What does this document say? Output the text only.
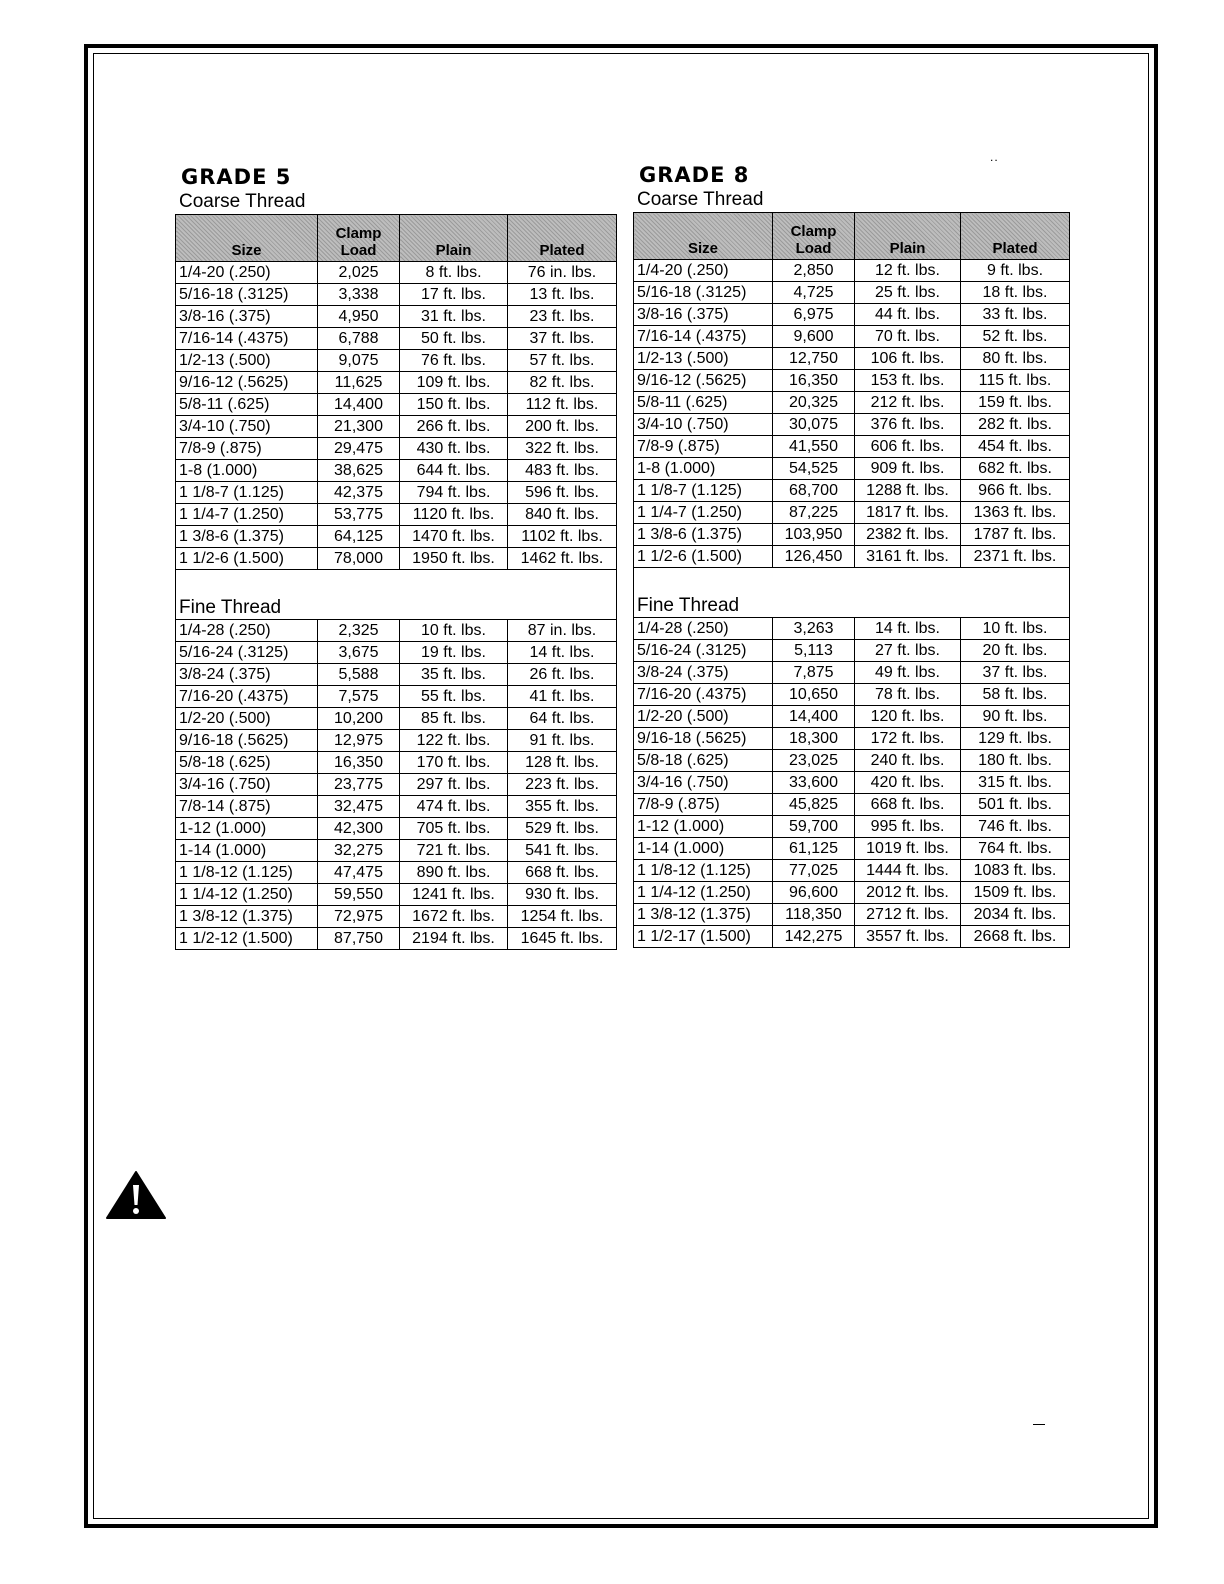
..
GRADE 5
Coarse Thread
Size	Clamp Load	Plain	Plated
1/4-20 (.250)	2,025	8 ft. lbs.	76 in. lbs.
5/16-18 (.3125)	3,338	17 ft. lbs.	13 ft. lbs.
3/8-16 (.375)	4,950	31 ft. lbs.	23 ft. lbs.
7/16-14 (.4375)	6,788	50 ft. lbs.	37 ft. lbs.
1/2-13 (.500)	9,075	76 ft. lbs.	57 ft. lbs.
9/16-12 (.5625)	11,625	109 ft. lbs.	82 ft. lbs.
5/8-11 (.625)	14,400	150 ft. lbs.	112 ft. lbs.
3/4-10 (.750)	21,300	266 ft. lbs.	200 ft. lbs.
7/8-9 (.875)	29,475	430 ft. lbs.	322 ft. lbs.
1-8 (1.000)	38,625	644 ft. lbs.	483 ft. lbs.
1 1/8-7 (1.125)	42,375	794 ft. lbs.	596 ft. lbs.
1 1/4-7 (1.250)	53,775	1120 ft. lbs.	840 ft. lbs.
1 3/8-6 (1.375)	64,125	1470 ft. lbs.	1102 ft. lbs.
1 1/2-6 (1.500)	78,000	1950 ft. lbs.	1462 ft. lbs.
Fine Thread			
1/4-28 (.250)	2,325	10 ft. lbs.	87 in. lbs.
5/16-24 (.3125)	3,675	19 ft. lbs.	14 ft. lbs.
3/8-24 (.375)	5,588	35 ft. lbs.	26 ft. lbs.
7/16-20 (.4375)	7,575	55 ft. lbs.	41 ft. lbs.
1/2-20 (.500)	10,200	85 ft. lbs.	64 ft. lbs.
9/16-18 (.5625)	12,975	122 ft. lbs.	91 ft. lbs.
5/8-18 (.625)	16,350	170 ft. lbs.	128 ft. lbs.
3/4-16 (.750)	23,775	297 ft. lbs.	223 ft. lbs.
7/8-14 (.875)	32,475	474 ft. lbs.	355 ft. lbs.
1-12 (1.000)	42,300	705 ft. lbs.	529 ft. lbs.
1-14 (1.000)	32,275	721 ft. lbs.	541 ft. lbs.
1 1/8-12 (1.125)	47,475	890 ft. lbs.	668 ft. lbs.
1 1/4-12 (1.250)	59,550	1241 ft. lbs.	930 ft. lbs.
1 3/8-12 (1.375)	72,975	1672 ft. lbs.	1254 ft. lbs.
1 1/2-12 (1.500)	87,750	2194 ft. lbs.	1645 ft. lbs.
GRADE 8
Coarse Thread
Size	Clamp Load	Plain	Plated
1/4-20 (.250)	2,850	12 ft. lbs.	9 ft. lbs.
5/16-18 (.3125)	4,725	25 ft. lbs.	18 ft. lbs.
3/8-16 (.375)	6,975	44 ft. lbs.	33 ft. lbs.
7/16-14 (.4375)	9,600	70 ft. lbs.	52 ft. lbs.
1/2-13 (.500)	12,750	106 ft. lbs.	80 ft. lbs.
9/16-12 (.5625)	16,350	153 ft. lbs.	115 ft. lbs.
5/8-11 (.625)	20,325	212 ft. lbs.	159 ft. lbs.
3/4-10 (.750)	30,075	376 ft. lbs.	282 ft. lbs.
7/8-9 (.875)	41,550	606 ft. lbs.	454 ft. lbs.
1-8 (1.000)	54,525	909 ft. lbs.	682 ft. lbs.
1 1/8-7 (1.125)	68,700	1288 ft. lbs.	966 ft. lbs.
1 1/4-7 (1.250)	87,225	1817 ft. lbs.	1363 ft. lbs.
1 3/8-6 (1.375)	103,950	2382 ft. lbs.	1787 ft. lbs.
1 1/2-6 (1.500)	126,450	3161 ft. lbs.	2371 ft. lbs.
Fine Thread			
1/4-28 (.250)	3,263	14 ft. lbs.	10 ft. lbs.
5/16-24 (.3125)	5,113	27 ft. lbs.	20 ft. lbs.
3/8-24 (.375)	7,875	49 ft. lbs.	37 ft. lbs.
7/16-20 (.4375)	10,650	78 ft. lbs.	58 ft. lbs.
1/2-20 (.500)	14,400	120 ft. lbs.	90 ft. lbs.
9/16-18 (.5625)	18,300	172 ft. lbs.	129 ft. lbs.
5/8-18 (.625)	23,025	240 ft. lbs.	180 ft. lbs.
3/4-16 (.750)	33,600	420 ft. lbs.	315 ft. lbs.
7/8-9 (.875)	45,825	668 ft. lbs.	501 ft. lbs.
1-12 (1.000)	59,700	995 ft. lbs.	746 ft. lbs.
1-14 (1.000)	61,125	1019 ft. lbs.	764 ft. lbs.
1 1/8-12 (1.125)	77,025	1444 ft. lbs.	1083 ft. lbs.
1 1/4-12 (1.250)	96,600	2012 ft. lbs.	1509 ft. lbs.
1 3/8-12 (1.375)	118,350	2712 ft. lbs.	2034 ft. lbs.
1 1/2-17 (1.500)	142,275	3557 ft. lbs.	2668 ft. lbs.
